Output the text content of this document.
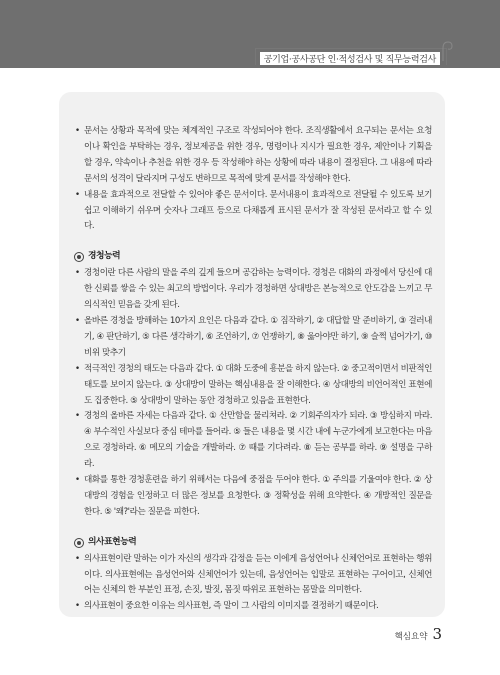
공기업·공사공단 인·적성검사 및 직무능력검사
• 문서는 상황과 목적에 맞는 체계적인 구조로 작성되어야 한다. 조직생활에서 요구되는 문서는 요청이나 확인을 부탁하는 경우, 정보제공을 위한 경우, 명령이나 지시가 필요한 경우, 제안이나 기획을 할 경우, 약속이나 추천을 위한 경우 등 작성해야 하는 상황에 따라 내용이 결정된다. 그 내용에 따라 문서의 성격이 달라지며 구성도 변하므로 목적에 맞게 문서를 작성해야 한다.
• 내용을 효과적으로 전달할 수 있어야 좋은 문서이다. 문서내용이 효과적으로 전달될 수 있도록 보기 쉽고 이해하기 쉬우며 숫자나 그래프 등으로 다채롭게 표시된 문서가 잘 작성된 문서라고 할 수 있다.
경청능력
• 경청이란 다른 사람의 말을 주의 깊게 들으며 공감하는 능력이다. 경청은 대화의 과정에서 당신에 대한 신뢰를 쌓을 수 있는 최고의 방법이다. 우리가 경청하면 상대방은 본능적으로 안도감을 느끼고 무의식적인 믿음을 갖게 된다.
• 올바른 경청을 방해하는 10가지 요인은 다음과 같다. ① 짐작하기, ② 대답할 말 준비하기, ③ 걸러내기, ④ 판단하기, ⑤ 다른 생각하기, ⑥ 조언하기, ⑦ 언쟁하기, ⑧ 옳아야만 하기, ⑨ 슬쩍 넘어가기, ⑩ 비위 맞추기
• 적극적인 경청의 태도는 다음과 같다. ① 대화 도중에 흥분을 하지 않는다. ② 중고적이면서 비판적인 태도를 보이지 않는다. ③ 상대방이 말하는 핵심내용을 잘 이해한다. ④ 상대방의 비언어적인 표현에도 집중한다. ⑤ 상대방이 말하는 동안 경청하고 있음을 표현한다.
• 경청의 올바른 자세는 다음과 같다. ① 산만함을 물리쳐라. ② 기회주의자가 되라. ③ 방심하지 마라. ④ 부수적인 사실보다 중심 테마를 들어라. ⑤ 들은 내용을 몇 시간 내에 누군가에게 보고한다는 마음으로 경청하라. ⑥ 메모의 기술을 개발하라. ⑦ 때를 기다려라. ⑧ 듣는 공부를 하라. ⑨ 설명을 구하라.
• 대화를 통한 경청훈련을 하기 위해서는 다음에 중점을 두어야 한다. ① 주의를 기울여야 한다. ② 상대방의 경험을 인정하고 더 많은 정보를 요청한다. ③ 정확성을 위해 요약한다. ④ 개방적인 질문을 한다. ⑤ '왜?'라는 질문을 피한다.
의사표현능력
• 의사표현이란 말하는 이가 자신의 생각과 감정을 듣는 이에게 음성언어나 신체언어로 표현하는 행위이다. 의사표현에는 음성언어와 신체언어가 있는데, 음성언어는 입말로 표현하는 구어이고, 신체언어는 신체의 한 부분인 표정, 손짓, 발짓, 몸짓 따위로 표현하는 몸말을 의미한다.
• 의사표현이 중요한 이유는 의사표현, 즉 말이 그 사람의 이미지를 결정하기 때문이다.
핵심요약 3
